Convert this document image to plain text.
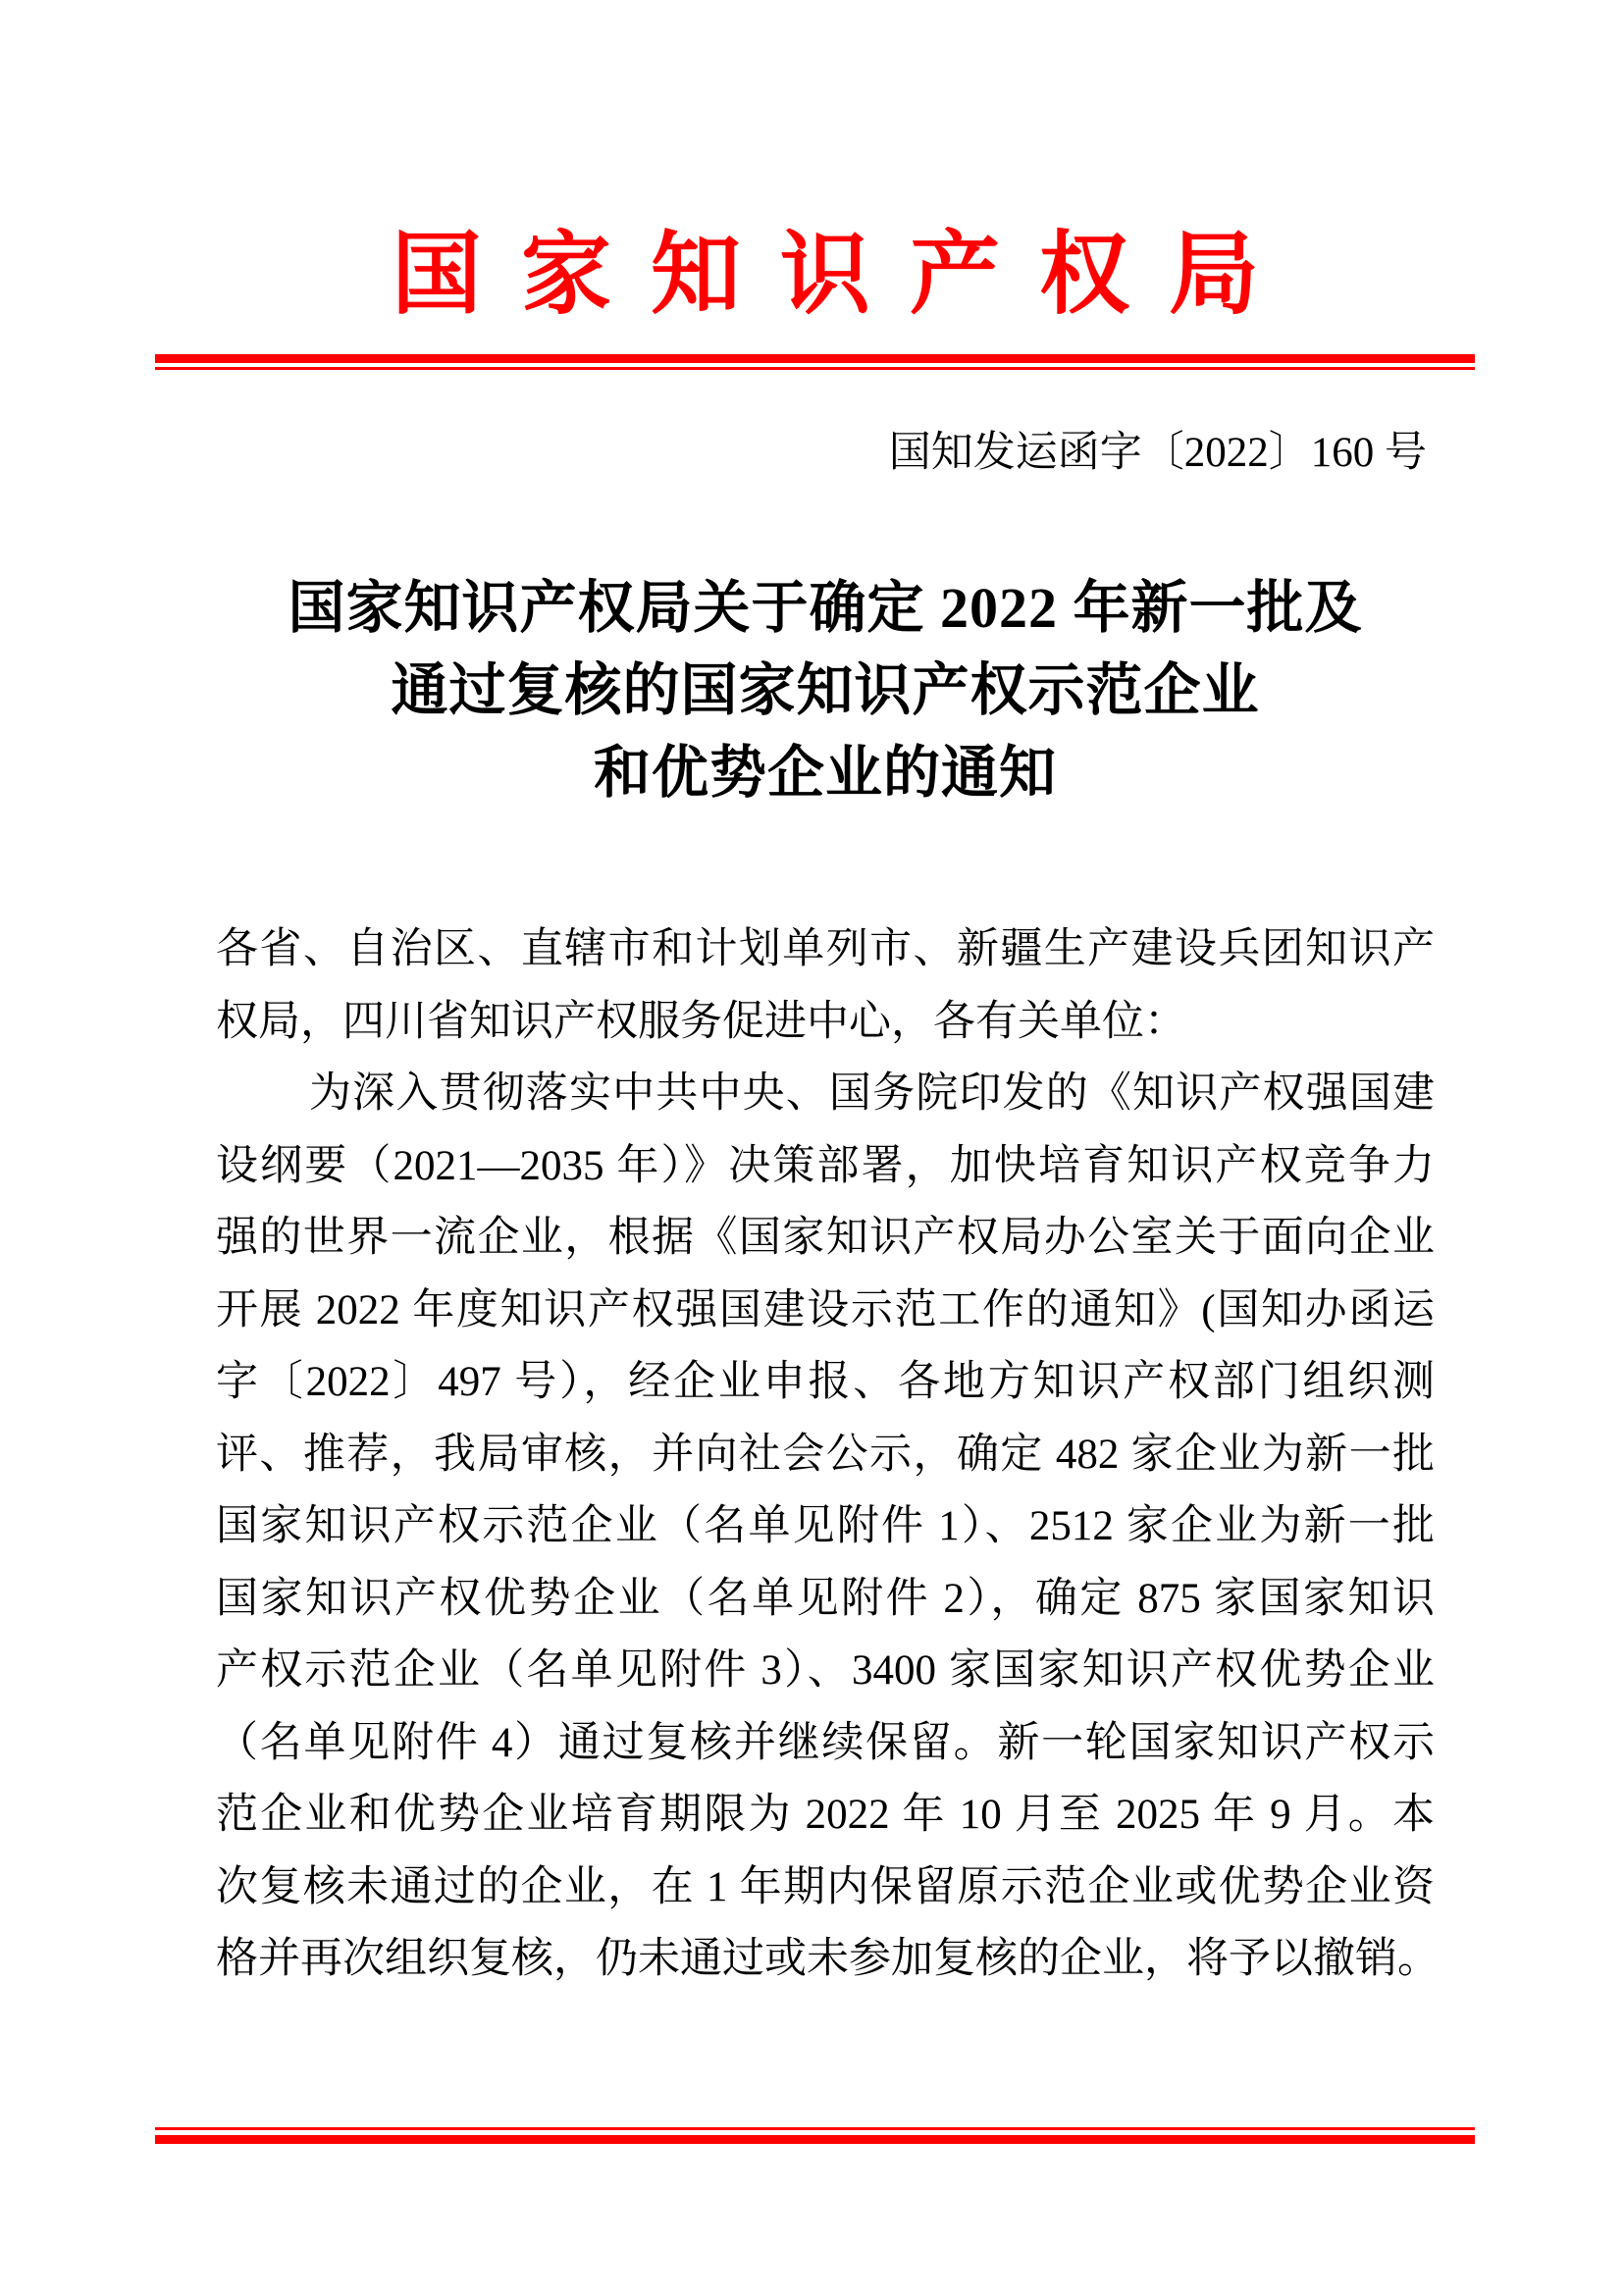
国家知识产权局
国知发运函字〔2022〕160 号
国家知识产权局关于确定 2022 年新一批及
通过复核的国家知识产权示范企业
和优势企业的通知
各省、自治区、直辖市和计划单列市、新疆生产建设兵团知识产
权局，四川省知识产权服务促进中心，各有关单位：
为深入贯彻落实中共中央、国务院印发的《知识产权强国建
设纲要（2021—2035 年）》决策部署，加快培育知识产权竞争力
强的世界一流企业，根据《国家知识产权局办公室关于面向企业
开展 2022 年度知识产权强国建设示范工作的通知》(国知办函运
字〔2022〕497 号），经企业申报、各地方知识产权部门组织测
评、推荐，我局审核，并向社会公示，确定 482 家企业为新一批
国家知识产权示范企业（名单见附件 1）、2512 家企业为新一批
国家知识产权优势企业（名单见附件 2），确定 875 家国家知识
产权示范企业（名单见附件 3）、3400 家国家知识产权优势企业
（名单见附件 4）通过复核并继续保留。新一轮国家知识产权示
范企业和优势企业培育期限为 2022 年 10 月至 2025 年 9 月。本
次复核未通过的企业，在 1 年期内保留原示范企业或优势企业资
格并再次组织复核，仍未通过或未参加复核的企业，将予以撤销。
